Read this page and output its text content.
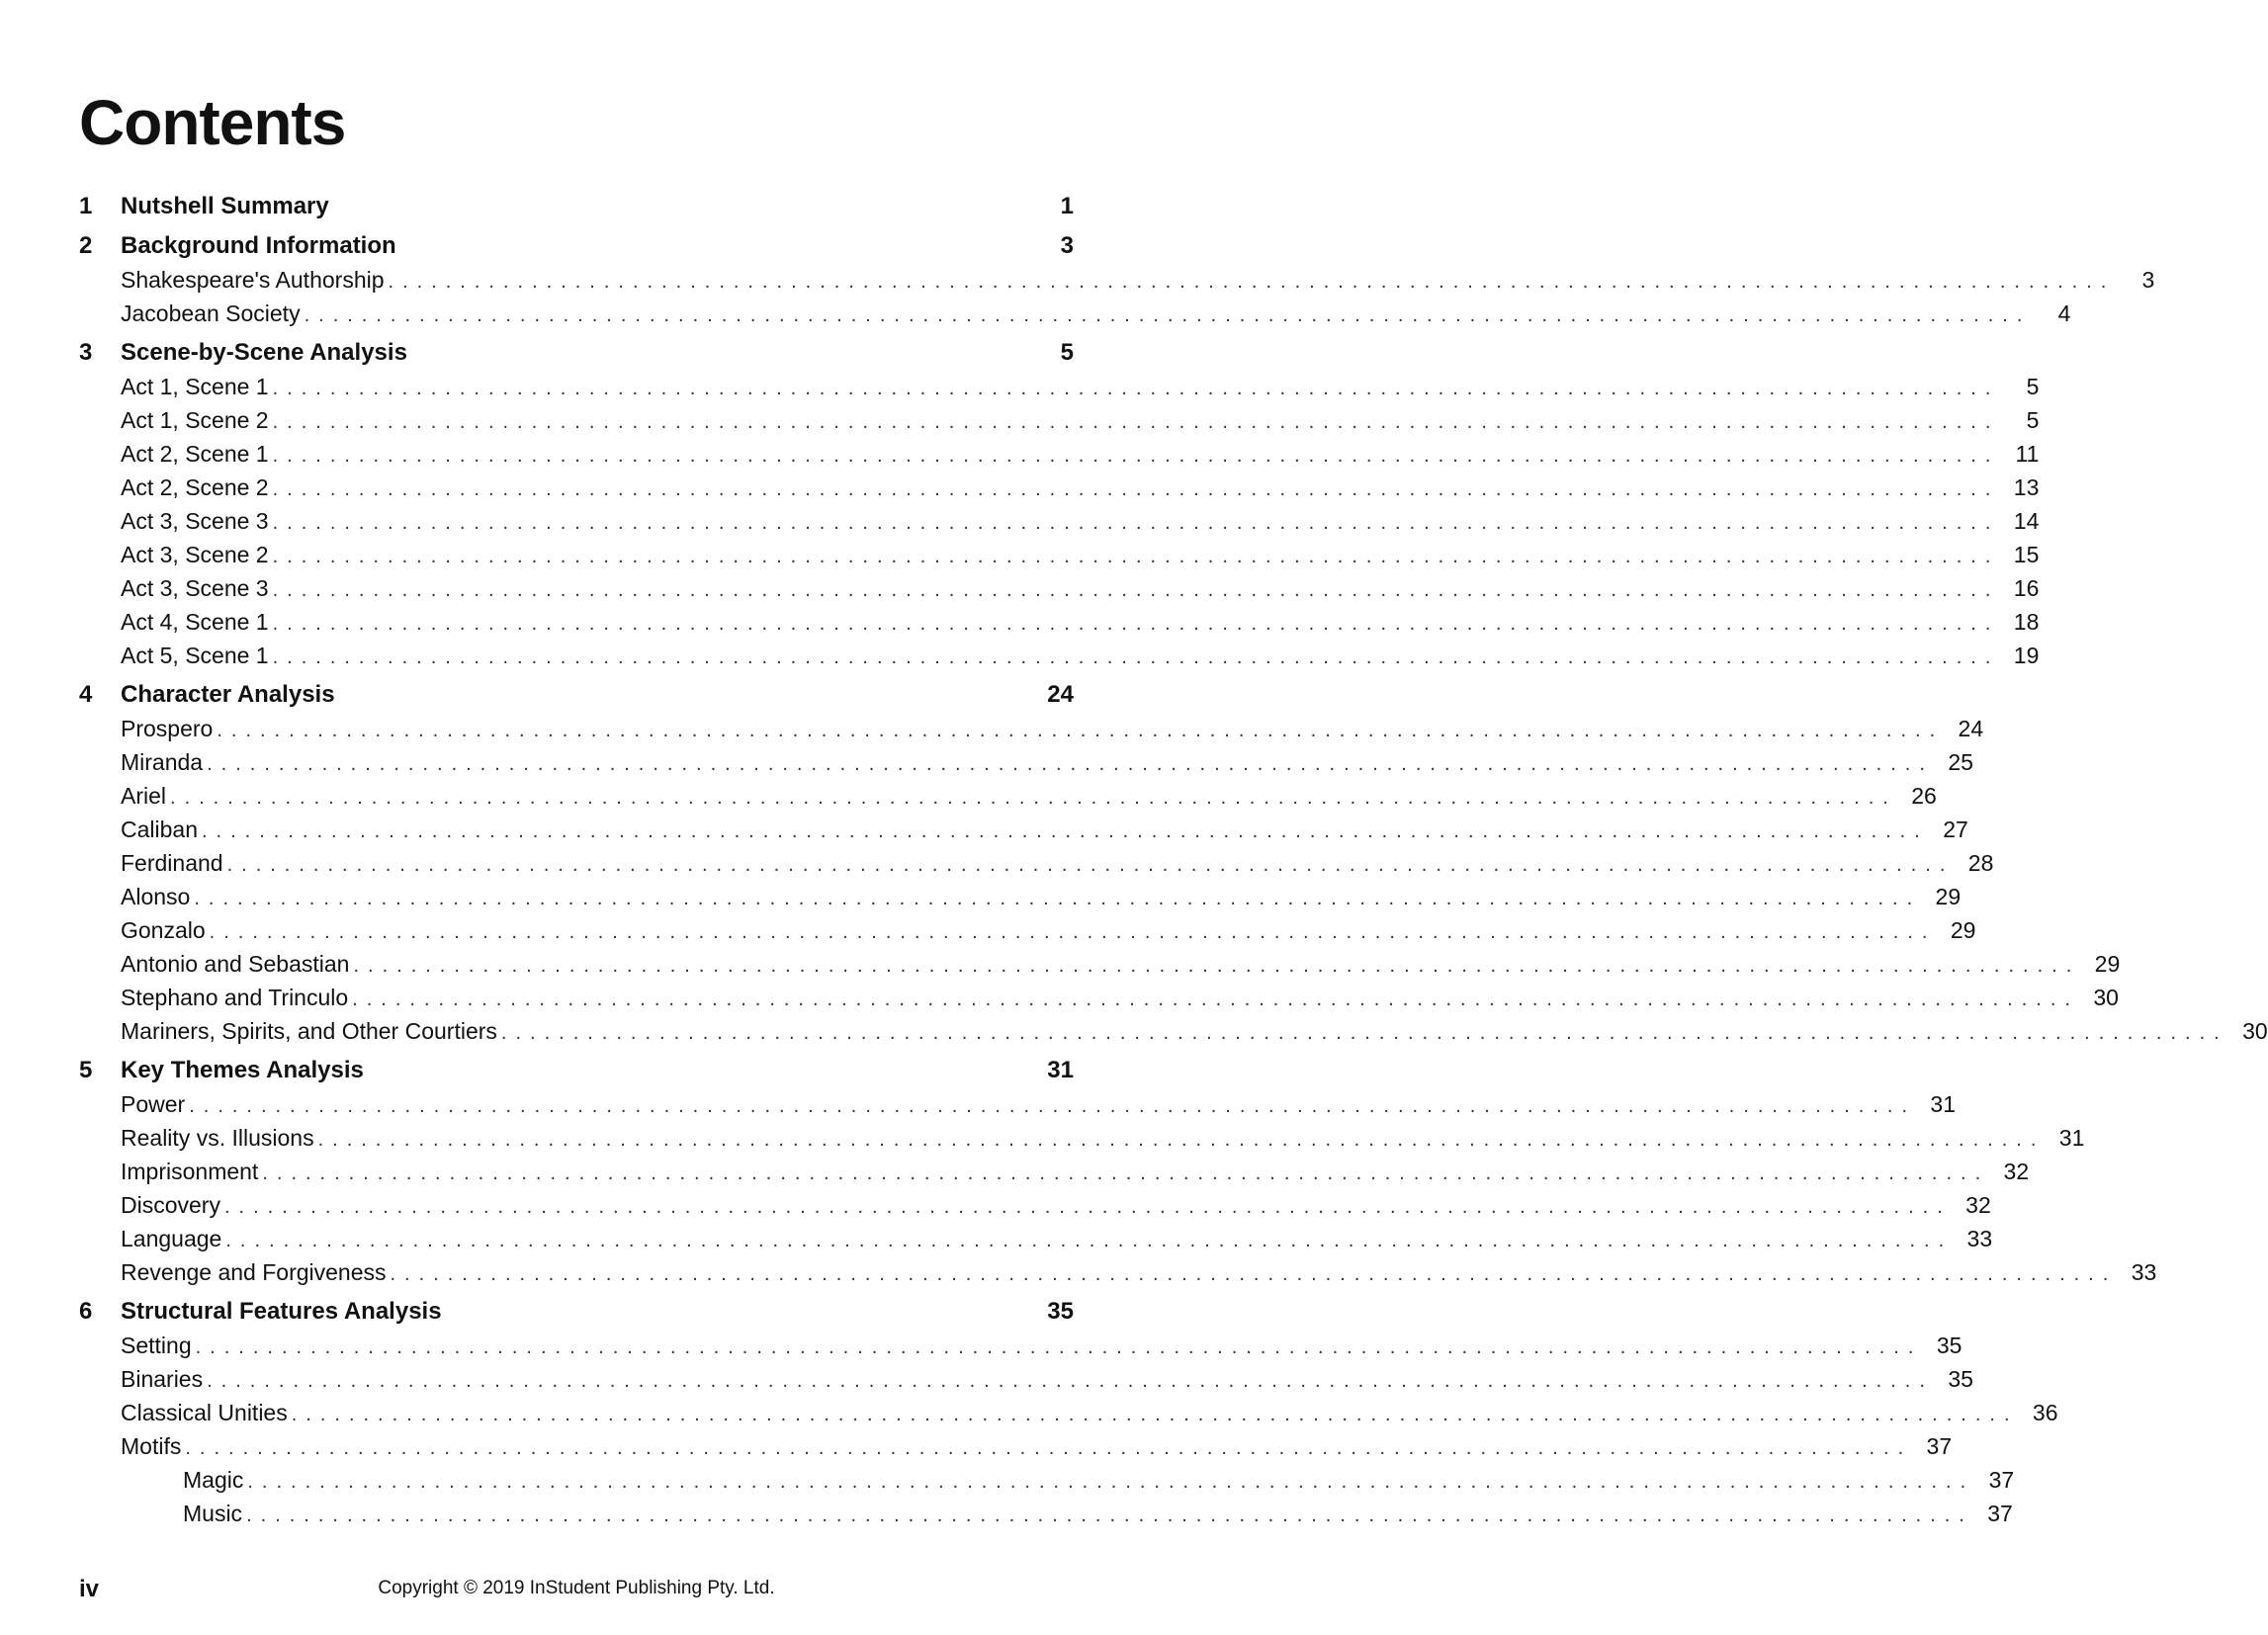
Contents
1	Nutshell Summary	1
2	Background Information	3
Shakespeare's Authorship ........................................................................................................................	3
Jacobean Society ........................................................................................................................	4
3	Scene-by-Scene Analysis	5
Act 1, Scene 1 ........................................................................................................................	5
Act 1, Scene 2 ........................................................................................................................	5
Act 2, Scene 1 ........................................................................................................................ 11
Act 2, Scene 2 ........................................................................................................................ 13
Act 3, Scene 3 ........................................................................................................................ 14
Act 3, Scene 2 ........................................................................................................................ 15
Act 3, Scene 3 ........................................................................................................................ 16
Act 4, Scene 1 ........................................................................................................................ 18
Act 5, Scene 1 ........................................................................................................................ 19
4	Character Analysis	24
Prospero ........................................................................................................................ 24
Miranda ........................................................................................................................ 25
Ariel ........................................................................................................................ 26
Caliban ........................................................................................................................ 27
Ferdinand ........................................................................................................................ 28
Alonso ........................................................................................................................ 29
Gonzalo ........................................................................................................................ 29
Antonio and Sebastian ........................................................................................................................ 29
Stephano and Trinculo ........................................................................................................................ 30
Mariners, Spirits, and Other Courtiers ........................................................................................................................ 30
5	Key Themes Analysis	31
Power ........................................................................................................................ 31
Reality vs. Illusions ........................................................................................................................ 31
Imprisonment ........................................................................................................................ 32
Discovery ........................................................................................................................ 32
Language ........................................................................................................................ 33
Revenge and Forgiveness ........................................................................................................................ 33
6	Structural Features Analysis	35
Setting ........................................................................................................................ 35
Binaries ........................................................................................................................ 35
Classical Unities ........................................................................................................................ 36
Motifs ........................................................................................................................ 37
Magic ........................................................................................................................ 37
Music ........................................................................................................................ 37
iv	Copyright © 2019 InStudent Publishing Pty. Ltd.
